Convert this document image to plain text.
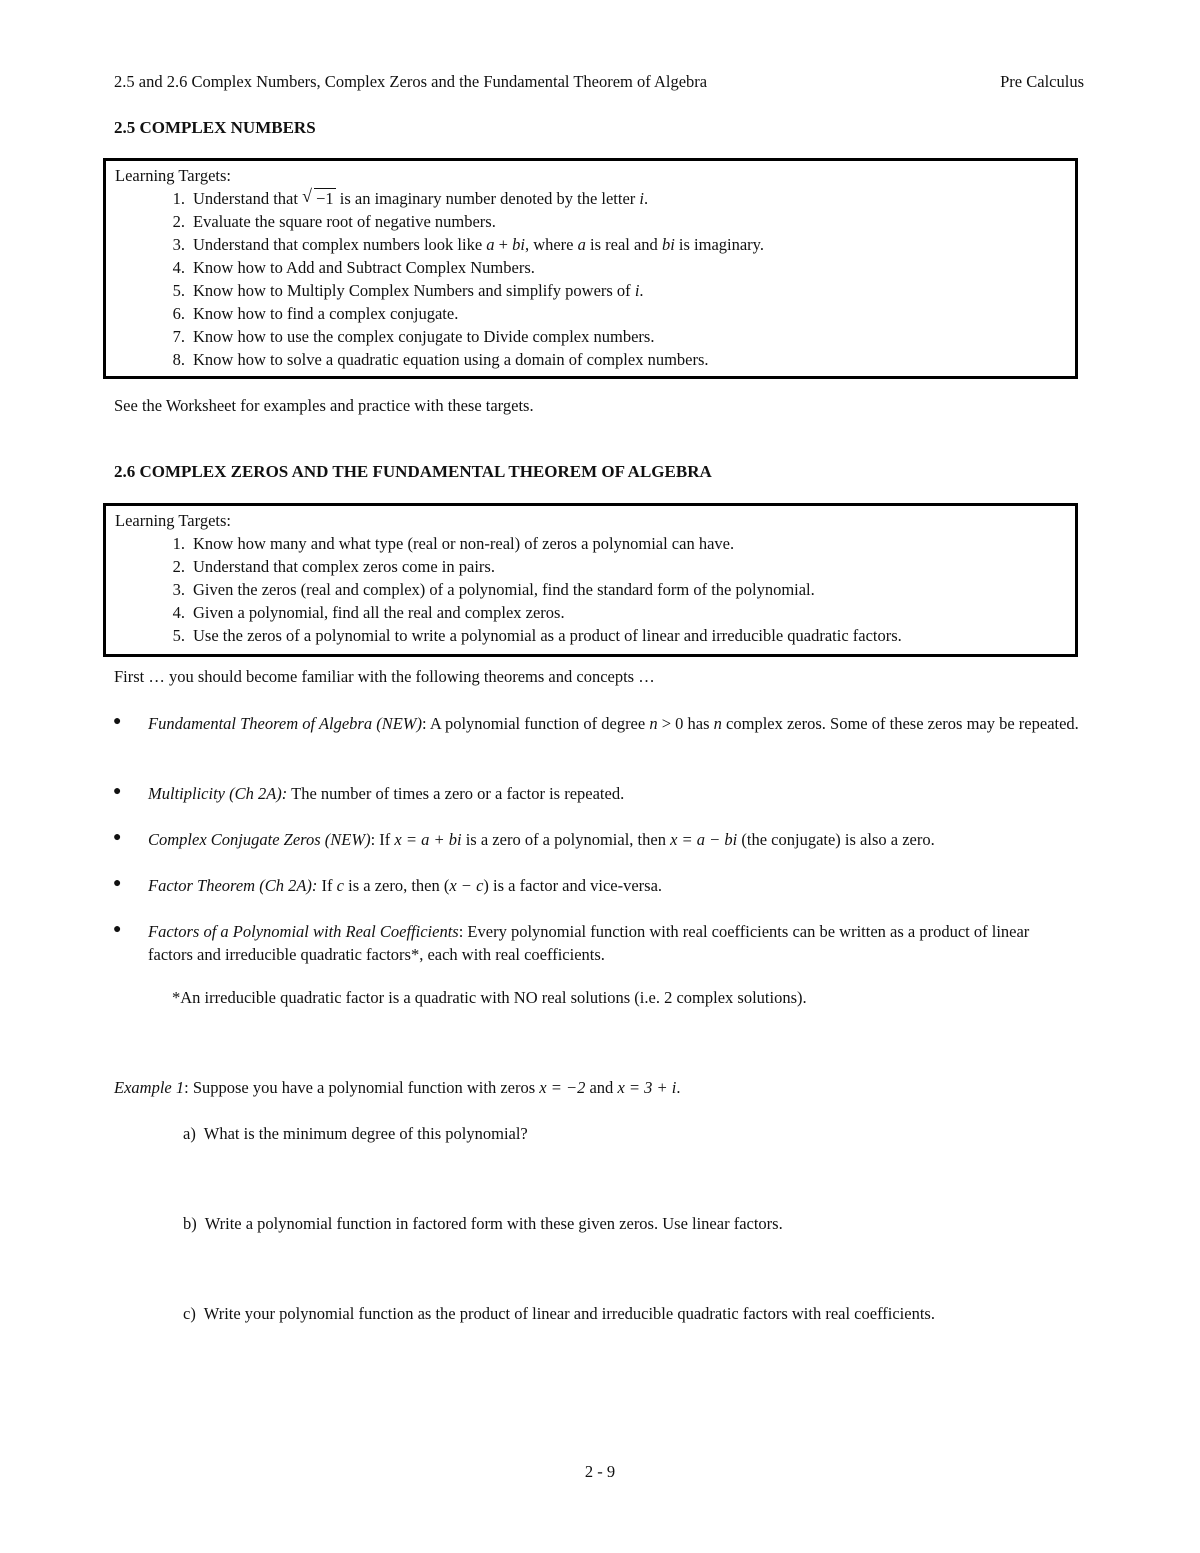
2.5 and 2.6 Complex Numbers, Complex Zeros and the Fundamental Theorem of Algebra	Pre Calculus
2.5 COMPLEX NUMBERS
Learning Targets:
1. Understand that √ −1 is an imaginary number denoted by the letter i.
2. Evaluate the square root of negative numbers.
3. Understand that complex numbers look like a + bi, where a is real and bi is imaginary.
4. Know how to Add and Subtract Complex Numbers.
5. Know how to Multiply Complex Numbers and simplify powers of i.
6. Know how to find a complex conjugate.
7. Know how to use the complex conjugate to Divide complex numbers.
8. Know how to solve a quadratic equation using a domain of complex numbers.
See the Worksheet for examples and practice with these targets.
2.6 COMPLEX ZEROS AND THE FUNDAMENTAL THEOREM OF ALGEBRA
Learning Targets:
1. Know how many and what type (real or non-real) of zeros a polynomial can have.
2. Understand that complex zeros come in pairs.
3. Given the zeros (real and complex) of a polynomial, find the standard form of the polynomial.
4. Given a polynomial, find all the real and complex zeros.
5. Use the zeros of a polynomial to write a polynomial as a product of linear and irreducible quadratic factors.
First … you should become familiar with the following theorems and concepts …
● Fundamental Theorem of Algebra (NEW): A polynomial function of degree n > 0 has n complex zeros. Some of these zeros may be repeated.
● Multiplicity (Ch 2A): The number of times a zero or a factor is repeated.
● Complex Conjugate Zeros (NEW): If x = a + bi is a zero of a polynomial, then x = a − bi (the conjugate) is also a zero.
● Factor Theorem (Ch 2A): If c is a zero, then (x − c) is a factor and vice-versa.
● Factors of a Polynomial with Real Coefficients: Every polynomial function with real coefficients can be written as a product of linear factors and irreducible quadratic factors*, each with real coefficients.
*An irreducible quadratic factor is a quadratic with NO real solutions (i.e. 2 complex solutions).
Example 1: Suppose you have a polynomial function with zeros x = −2 and x = 3 + i.
a) What is the minimum degree of this polynomial?
b) Write a polynomial function in factored form with these given zeros. Use linear factors.
c) Write your polynomial function as the product of linear and irreducible quadratic factors with real coefficients.
2 - 9
